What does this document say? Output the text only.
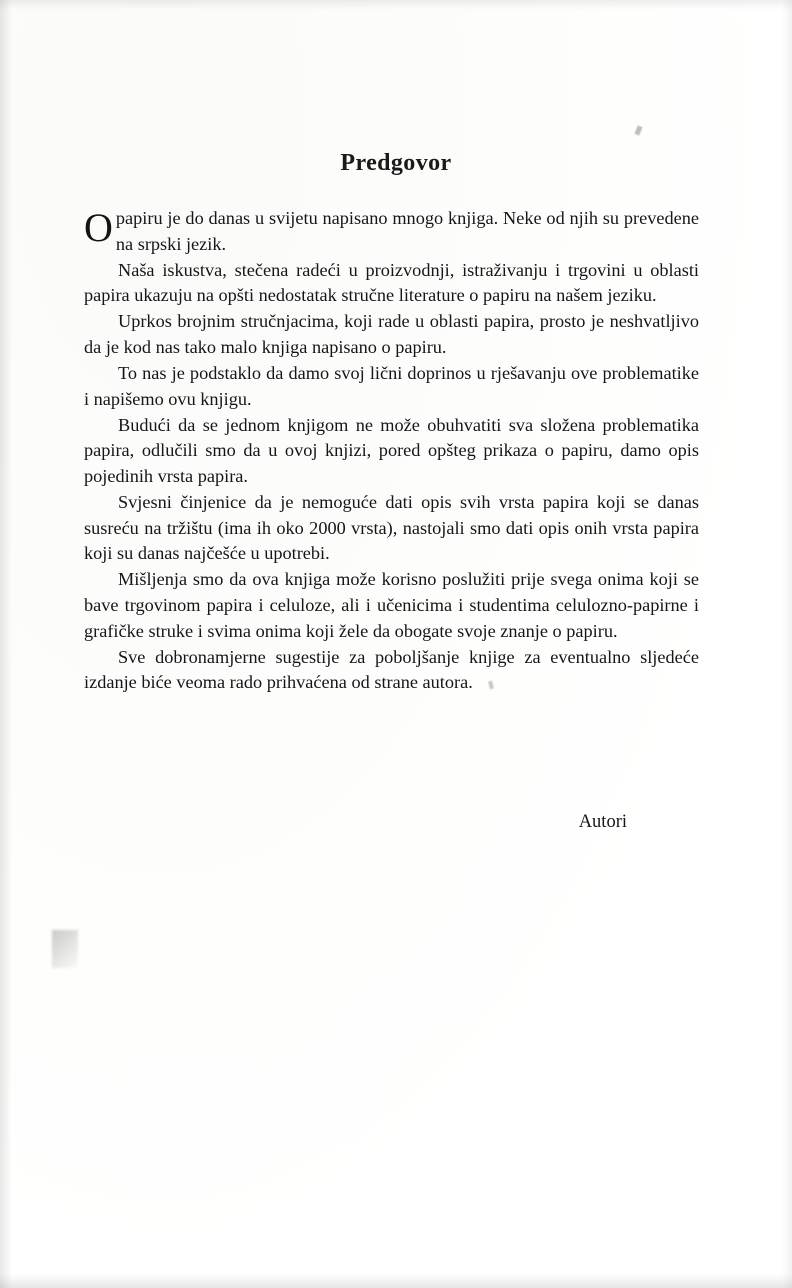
Predgovor

Opapiru je do danas u svijetu napisano mnogo knjiga. Neke od njih su prevedene na srpski jezik.

Naša iskustva, stečena radeći u proizvodnji, istraživanju i trgovini u oblasti papira ukazuju na opšti nedostatak stručne literature o papiru na našem jeziku.

Uprkos brojnim stručnjacima, koji rade u oblasti papira, prosto je neshvatljivo da je kod nas tako malo knjiga napisano o papiru.

To nas je podstaklo da damo svoj lični doprinos u rješavanju ove problematike i napišemo ovu knjigu.

Budući da se jednom knjigom ne može obuhvatiti sva složena problematika papira, odlučili smo da u ovoj knjizi, pored opšteg prikaza o papiru, damo opis pojedinih vrsta papira.

Svjesni činjenice da je nemoguće dati opis svih vrsta papira koji se danas susreću na tržištu (ima ih oko 2000 vrsta), nastojali smo dati opis onih vrsta papira koji su danas najčešće u upotrebi.

Mišljenja smo da ova knjiga može korisno poslužiti prije svega onima koji se bave trgovinom papira i celuloze, ali i učenicima i studentima celulozno-papirne i grafičke struke i svima onima koji žele da obogate svoje znanje o papiru.

Sve dobronamjerne sugestije za poboljšanje knjige za eventualno sljedeće izdanje biće veoma rado prihvaćena od strane autora.

Autori
